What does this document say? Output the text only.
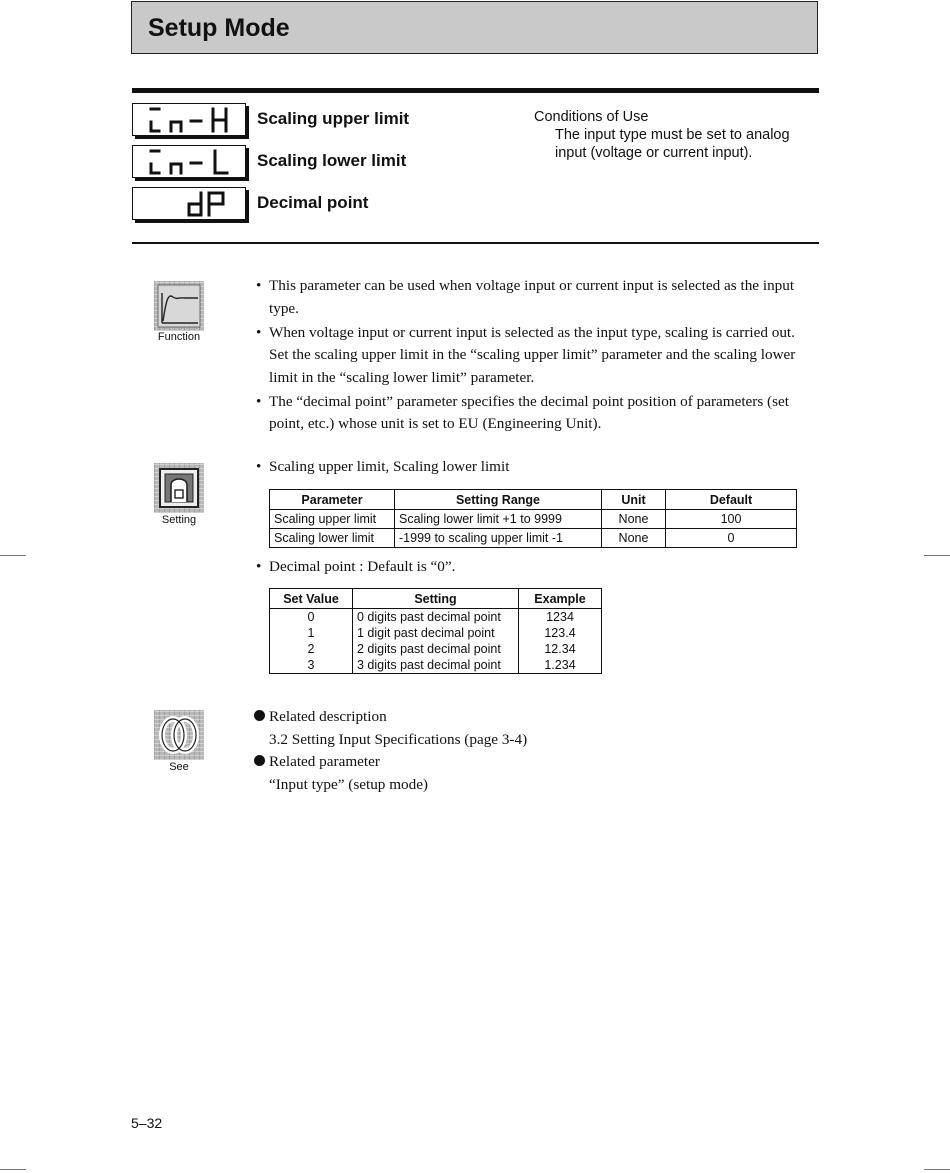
Setup Mode
Scaling upper limit
Scaling lower limit
Decimal point
Conditions of Use
The input type must be set to analog input (voltage or current input).
Function
• This parameter can be used when voltage input or current input is selected as the input type.
• When voltage input or current input is selected as the input type, scaling is carried out. Set the scaling upper limit in the “scaling upper limit” parameter and the scaling lower limit in the “scaling lower limit” parameter.
• The “decimal point” parameter specifies the decimal point position of parameters (set point, etc.) whose unit is set to EU (Engineering Unit).
Setting
• Scaling upper limit, Scaling lower limit
Parameter	Setting Range	Unit	Default
Scaling upper limit	Scaling lower limit +1 to 9999	None	100
Scaling lower limit	-1999 to scaling upper limit -1	None	0
• Decimal point : Default is “0”.
Set Value	Setting	Example
0	0 digits past decimal point	1234
1	1 digit past decimal point	123.4
2	2 digits past decimal point	12.34
3	3 digits past decimal point	1.234
See
Related description
3.2 Setting Input Specifications (page 3-4)
Related parameter
“Input type” (setup mode)
5–32
